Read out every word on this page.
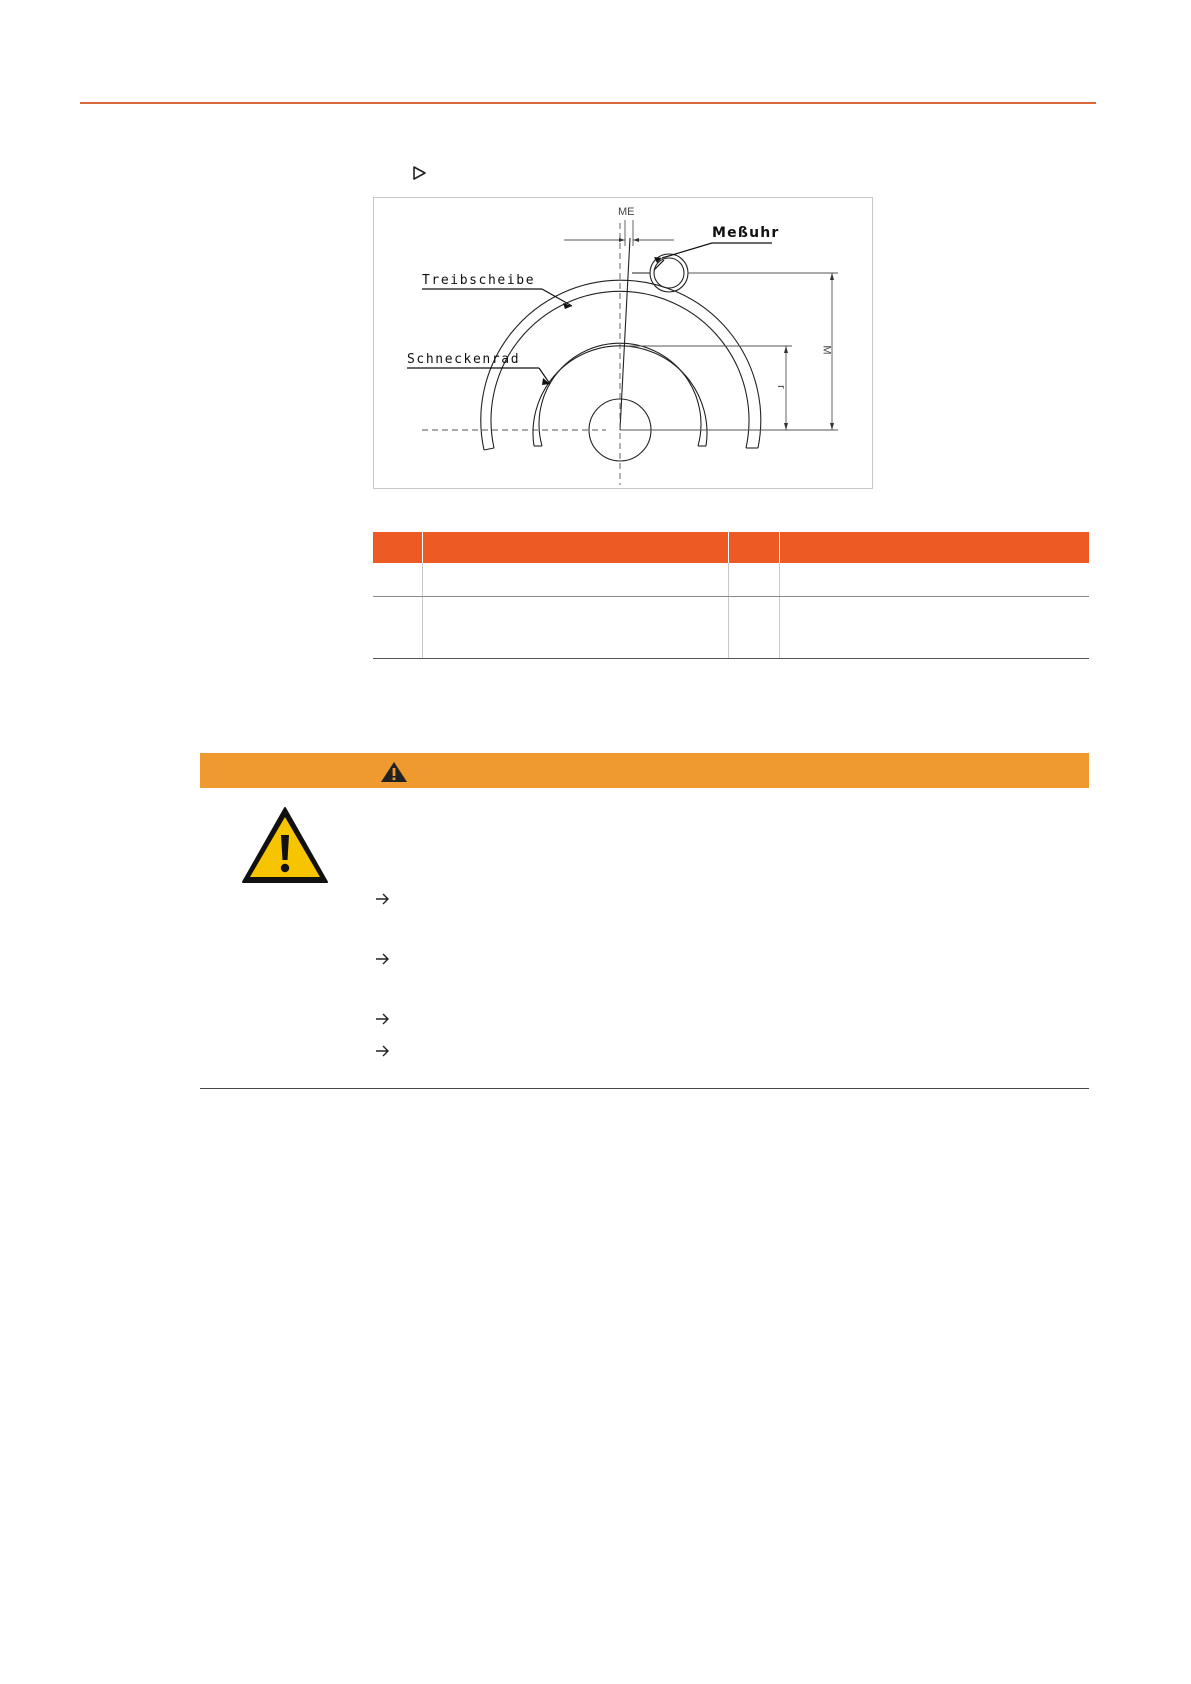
ME
Meßuhr
Treibscheibe
Schneckenrad
M
r
